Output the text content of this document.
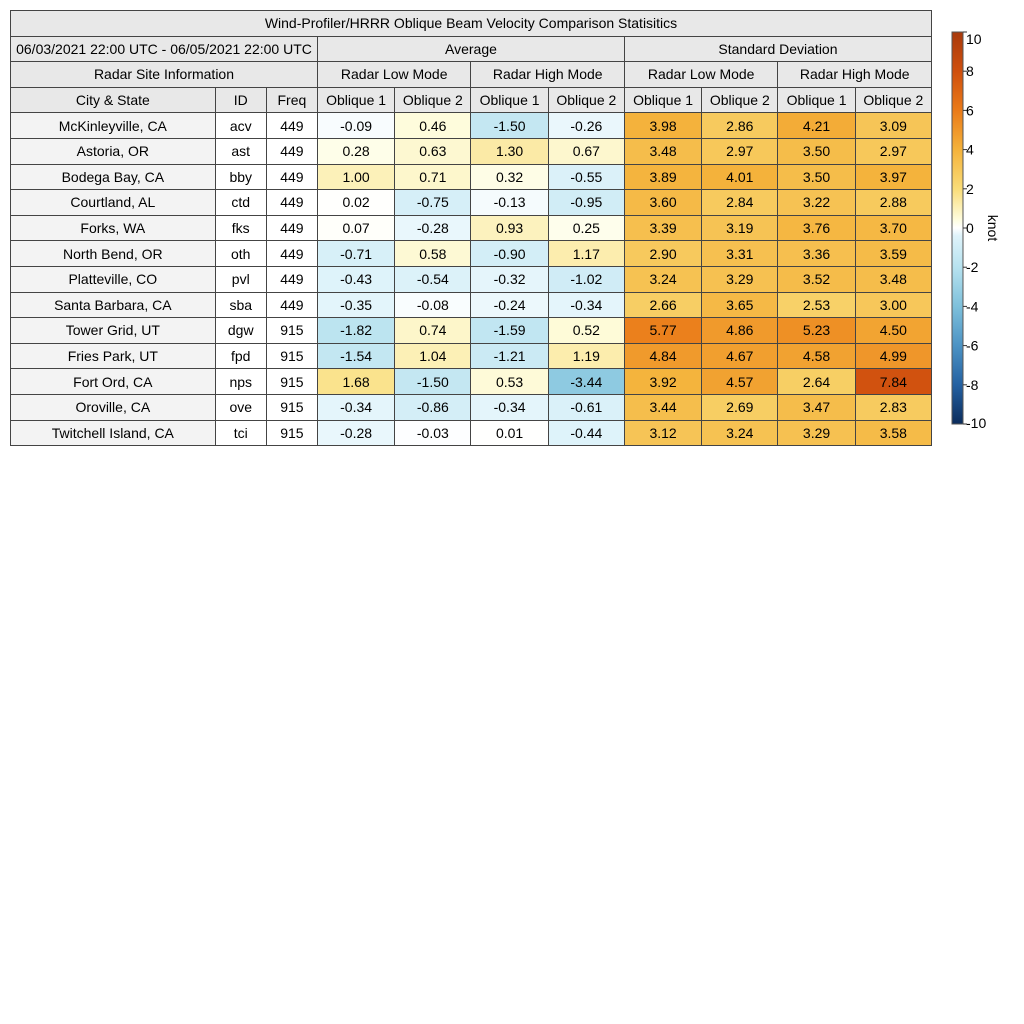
Wind-Profiler/HRRR Oblique Beam Velocity Comparison Statisitics										
06/03/2021 22:00 UTC - 06/05/2021 22:00 UTC			Average				Standard Deviation			
Radar Site Information			Radar Low Mode		Radar High Mode		Radar Low Mode		Radar High Mode	
City & State	ID	Freq	Oblique 1	Oblique 2	Oblique 1	Oblique 2	Oblique 1	Oblique 2	Oblique 1	Oblique 2
McKinleyville, CA	acv	449	-0.09	0.46	-1.50	-0.26	3.98	2.86	4.21	3.09
Astoria, OR	ast	449	0.28	0.63	1.30	0.67	3.48	2.97	3.50	2.97
Bodega Bay, CA	bby	449	1.00	0.71	0.32	-0.55	3.89	4.01	3.50	3.97
Courtland, AL	ctd	449	0.02	-0.75	-0.13	-0.95	3.60	2.84	3.22	2.88
Forks, WA	fks	449	0.07	-0.28	0.93	0.25	3.39	3.19	3.76	3.70
North Bend, OR	oth	449	-0.71	0.58	-0.90	1.17	2.90	3.31	3.36	3.59
Platteville, CO	pvl	449	-0.43	-0.54	-0.32	-1.02	3.24	3.29	3.52	3.48
Santa Barbara, CA	sba	449	-0.35	-0.08	-0.24	-0.34	2.66	3.65	2.53	3.00
Tower Grid, UT	dgw	915	-1.82	0.74	-1.59	0.52	5.77	4.86	5.23	4.50
Fries Park, UT	fpd	915	-1.54	1.04	-1.21	1.19	4.84	4.67	4.58	4.99
Fort Ord, CA	nps	915	1.68	-1.50	0.53	-3.44	3.92	4.57	2.64	7.84
Oroville, CA	ove	915	-0.34	-0.86	-0.34	-0.61	3.44	2.69	3.47	2.83
Twitchell Island, CA	tci	915	-0.28	-0.03	0.01	-0.44	3.12	3.24	3.29	3.58
10
8
6
4
2
0
-2
-4
-6
-8
-10
knot
